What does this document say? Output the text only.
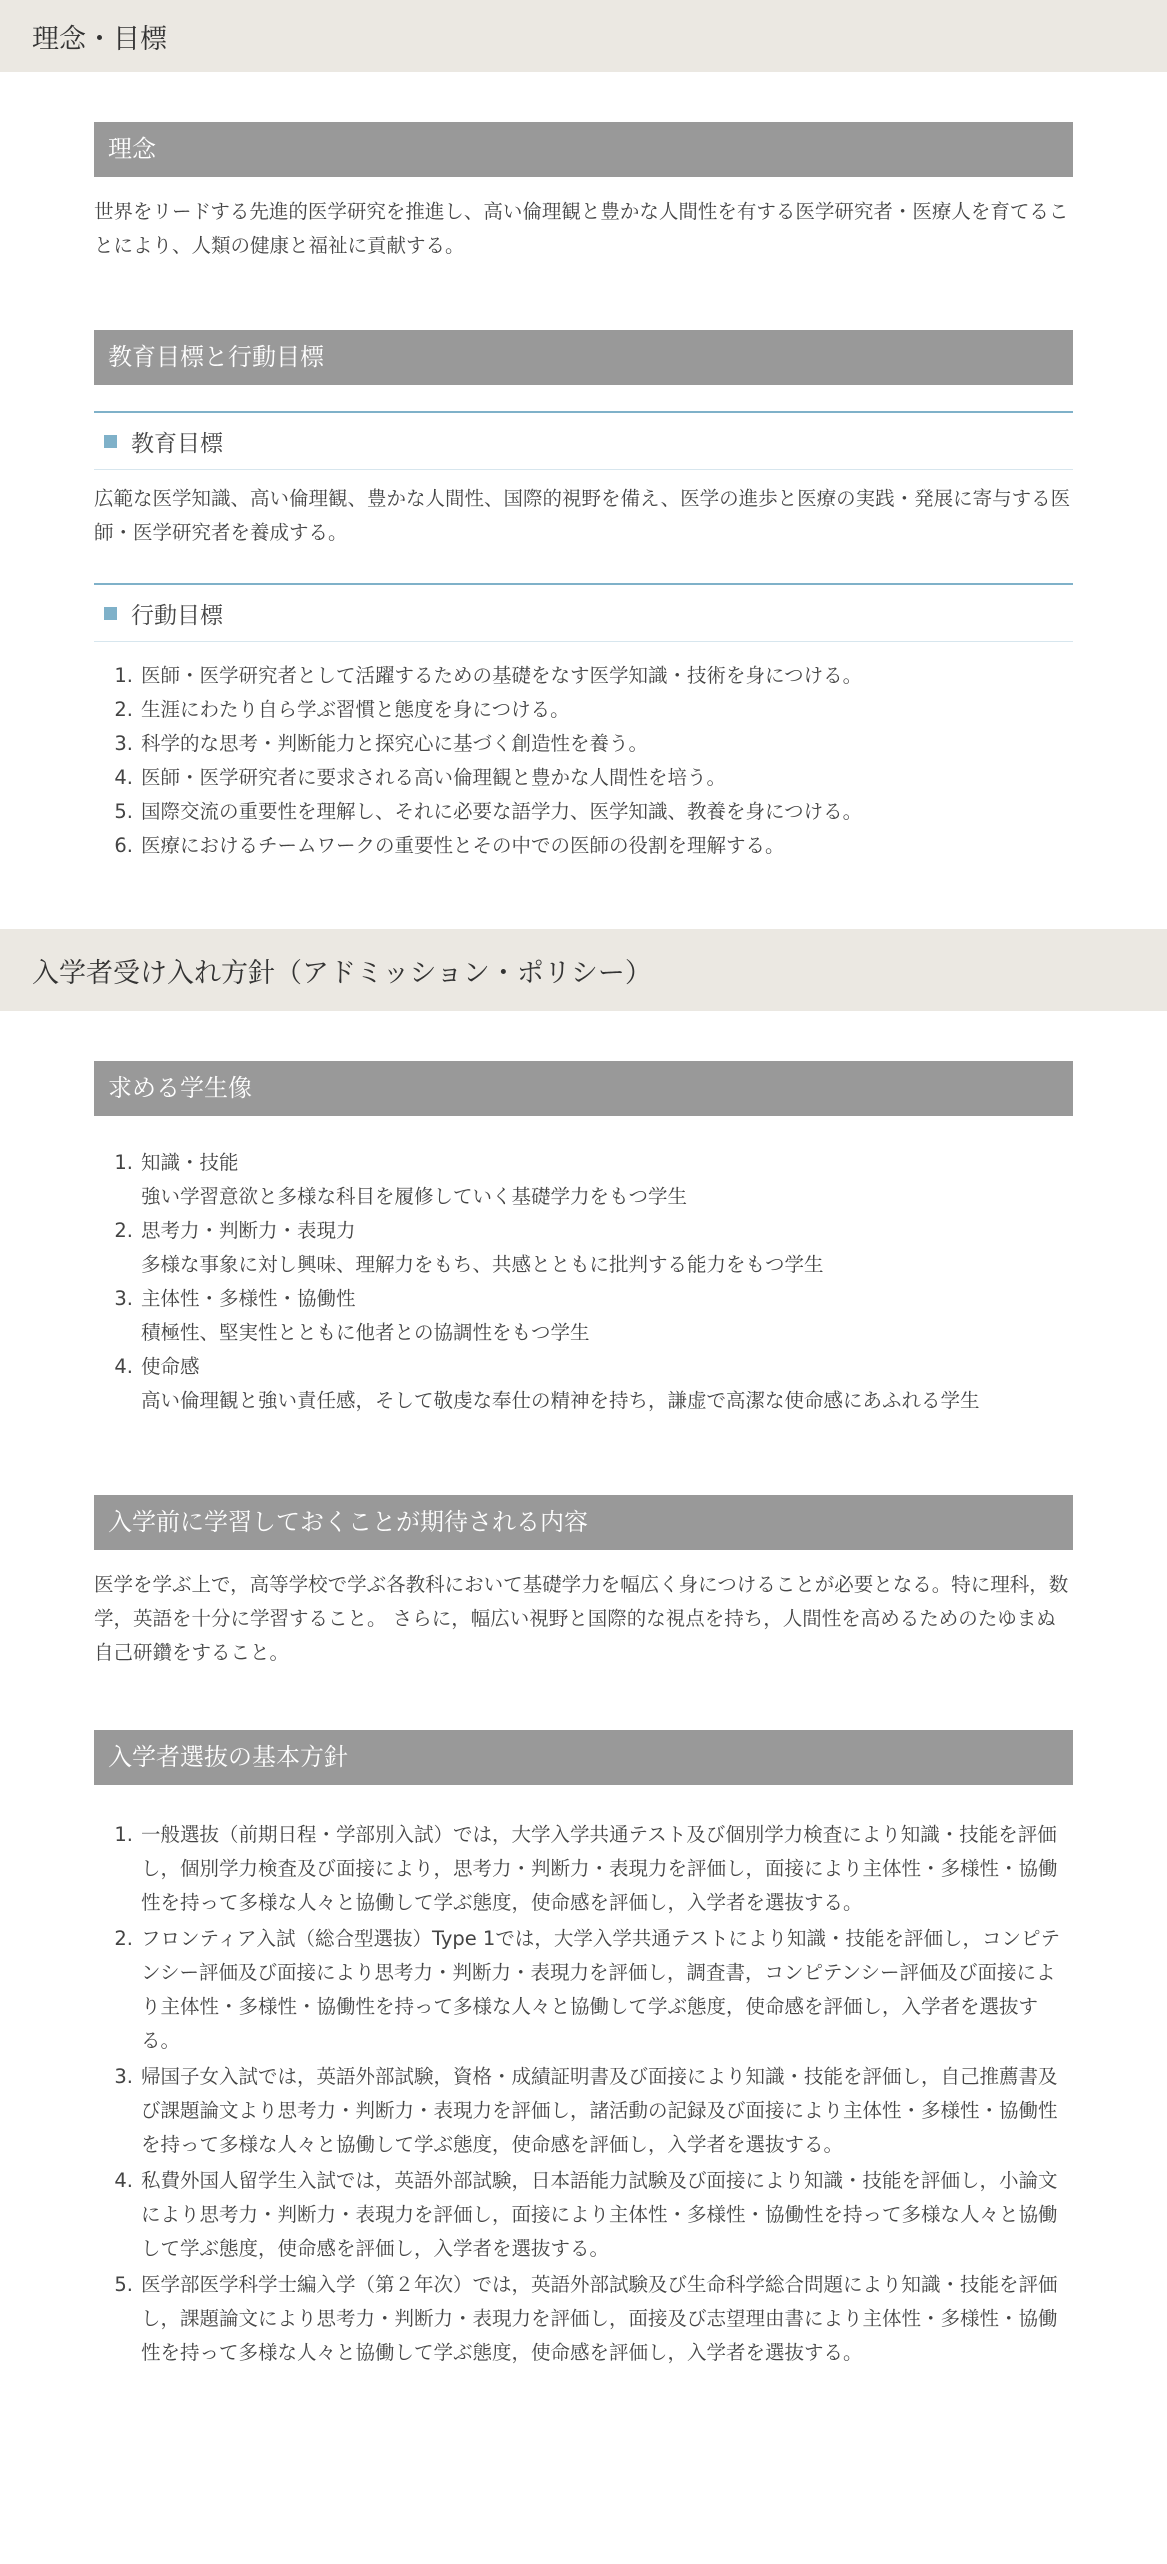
理念・目標
理念

世界をリードする先進的医学研究を推進し、高い倫理観と豊かな人間性を有する医学研究者・医療人を育てることにより、人類の健康と福祉に貢献する。

教育目標と行動目標
教育目標

広範な医学知識、高い倫理観、豊かな人間性、国際的視野を備え、医学の進歩と医療の実践・発展に寄与する医師・医学研究者を養成する。

行動目標
1. 医師・医学研究者として活躍するための基礎をなす医学知識・技術を身につける。
2. 生涯にわたり自ら学ぶ習慣と態度を身につける。
3. 科学的な思考・判断能力と探究心に基づく創造性を養う。
4. 医師・医学研究者に要求される高い倫理観と豊かな人間性を培う。
5. 国際交流の重要性を理解し、それに必要な語学力、医学知識、教養を身につける。
6. 医療におけるチームワークの重要性とその中での医師の役割を理解する。
入学者受け入れ方針（アドミッション・ポリシー）
求める学生像
1. 知識・技能
強い学習意欲と多様な科目を履修していく基礎学力をもつ学生
2. 思考力・判断力・表現力
多様な事象に対し興味、理解力をもち、共感とともに批判する能力をもつ学生
3. 主体性・多様性・協働性
積極性、堅実性とともに他者との協調性をもつ学生
4. 使命感
高い倫理観と強い責任感，そして敬虔な奉仕の精神を持ち，謙虚で高潔な使命感にあふれる学生
入学前に学習しておくことが期待される内容

医学を学ぶ上で，高等学校で学ぶ各教科において基礎学力を幅広く身につけることが必要となる。特に理科，数学，英語を十分に学習すること。 さらに，幅広い視野と国際的な視点を持ち，人間性を高めるためのたゆまぬ自己研鑽をすること。

入学者選抜の基本方針
1. 一般選抜（前期日程・学部別入試）では，大学入学共通テスト及び個別学力検査により知識・技能を評価し，個別学力検査及び面接により，思考力・判断力・表現力を評価し，面接により主体性・多様性・協働性を持って多様な人々と協働して学ぶ態度，使命感を評価し，入学者を選抜する。
2. フロンティア入試（総合型選抜）Type 1では，大学入学共通テストにより知識・技能を評価し，コンピテンシー評価及び面接により思考力・判断力・表現力を評価し，調査書，コンピテンシー評価及び面接により主体性・多様性・協働性を持って多様な人々と協働して学ぶ態度，使命感を評価し，入学者を選抜する。
3. 帰国子女入試では，英語外部試験，資格・成績証明書及び面接により知識・技能を評価し，自己推薦書及び課題論文より思考力・判断力・表現力を評価し，諸活動の記録及び面接により主体性・多様性・協働性を持って多様な人々と協働して学ぶ態度，使命感を評価し，入学者を選抜する。
4. 私費外国人留学生入試では，英語外部試験，日本語能力試験及び面接により知識・技能を評価し，小論文により思考力・判断力・表現力を評価し，面接により主体性・多様性・協働性を持って多様な人々と協働して学ぶ態度，使命感を評価し，入学者を選抜する。
5. 医学部医学科学士編入学（第２年次）では，英語外部試験及び生命科学総合問題により知識・技能を評価し，課題論文により思考力・判断力・表現力を評価し，面接及び志望理由書により主体性・多様性・協働性を持って多様な人々と協働して学ぶ態度，使命感を評価し，入学者を選抜する。
